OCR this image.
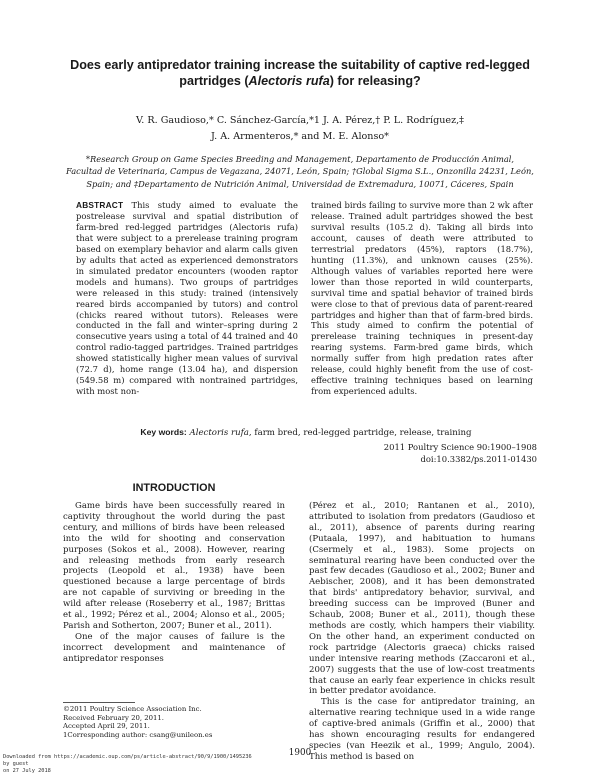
Does early antipredator training increase the suitability of captive red-legged
partridges (Alectoris rufa) for releasing?
V. R. Gaudioso,* C. Sánchez-García,*1 J. A. Pérez,† P. L. Rodríguez,‡
J. A. Armenteros,* and M. E. Alonso*
*Research Group on Game Species Breeding and Management, Departamento de Producción Animal,
Facultad de Veterinaria, Campus de Vegazana, 24071, León, Spain; †Global Sigma S.L., Onzonilla 24231, León,
Spain; and ‡Departamento de Nutrición Animal, Universidad de Extremadura, 10071, Cáceres, Spain
ABSTRACT This study aimed to evaluate the postrelease survival and spatial distribution of farm-bred red-legged partridges (Alectoris rufa) that were subject to a prerelease training program based on exemplary behavior and alarm calls given by adults that acted as experienced demonstrators in simulated predator encounters (wooden raptor models and humans). Two groups of partridges were released in this study: trained (intensively reared birds accompanied by tutors) and control (chicks reared without tutors). Releases were conducted in the fall and winter–spring during 2 consecutive years using a total of 44 trained and 40 control radio-tagged partridges. Trained partridges showed statistically higher mean values of survival (72.7 d), home range (13.04 ha), and dispersion (549.58 m) compared with nontrained partridges, with most non-
trained birds failing to survive more than 2 wk after release. Trained adult partridges showed the best survival results (105.2 d). Taking all birds into account, causes of death were attributed to terrestrial predators (45%), raptors (18.7%), hunting (11.3%), and unknown causes (25%). Although values of variables reported here were lower than those reported in wild counterparts, survival time and spatial behavior of trained birds were close to that of previous data of parent-reared partridges and higher than that of farm-bred birds. This study aimed to confirm the potential of prerelease training techniques in present-day rearing systems. Farm-bred game birds, which normally suffer from high predation rates after release, could highly benefit from the use of cost-effective training techniques based on learning from experienced adults.
Key words: Alectoris rufa, farm bred, red-legged partridge, release, training
2011 Poultry Science 90:1900–1908
doi:10.3382/ps.2011-01430
INTRODUCTION

Game birds have been successfully reared in captivity throughout the world during the past century, and millions of birds have been released into the wild for shooting and conservation purposes (Sokos et al., 2008). However, rearing and releasing methods from early research projects (Leopold et al., 1938) have been questioned because a large percentage of birds are not capable of surviving or breeding in the wild after release (Roseberry et al., 1987; Brittas et al., 1992; Pérez et al., 2004; Alonso et al., 2005; Parish and Sotherton, 2007; Buner et al., 2011).

One of the major causes of failure is the incorrect development and maintenance of antipredator responses

(Pérez et al., 2010; Rantanen et al., 2010), attributed to isolation from predators (Gaudioso et al., 2011), absence of parents during rearing (Putaala, 1997), and habituation to humans (Csermely et al., 1983). Some projects on seminatural rearing have been conducted over the past few decades (Gaudioso et al., 2002; Buner and Aebischer, 2008), and it has been demonstrated that birds' antipredatory behavior, survival, and breeding success can be improved (Buner and Schaub, 2008; Buner et al., 2011), though these methods are costly, which hampers their viability. On the other hand, an experiment conducted on rock partridge (Alectoris graeca) chicks raised under intensive rearing methods (Zaccaroni et al., 2007) suggests that the use of low-cost treatments that cause an early fear experience in chicks result in better predator avoidance.

This is the case for antipredator training, an alternative rearing technique used in a wide range of captive-bred animals (Griffin et al., 2000) that has shown encouraging results for endangered species (van Heezik et al., 1999; Angulo, 2004). This method is based on

©2011 Poultry Science Association Inc.
Received February 20, 2011.
Accepted April 29, 2011.
1Corresponding author: csang@unileon.es
1900
Downloaded from https://academic.oup.com/ps/article-abstract/90/9/1900/1495236
by guest
on 27 July 2018
